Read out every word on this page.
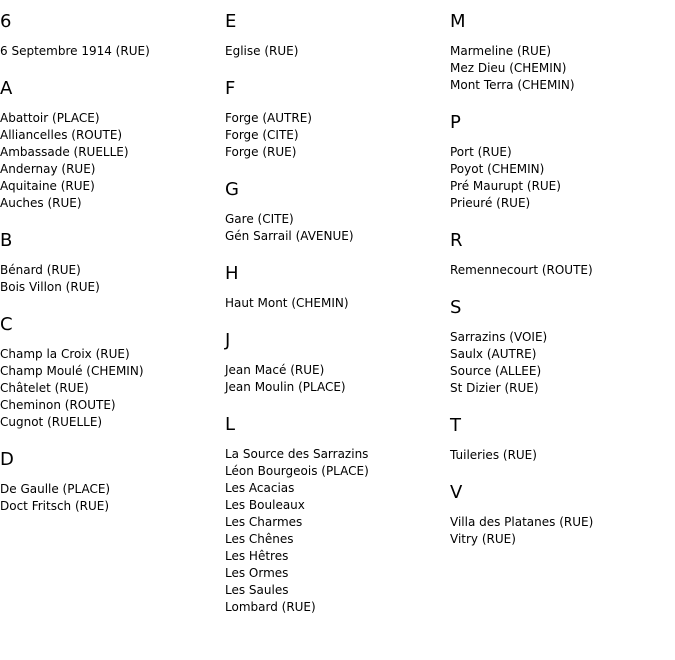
6
6 Septembre 1914 (RUE)
A
Abattoir (PLACE)
Alliancelles (ROUTE)
Ambassade (RUELLE)
Andernay (RUE)
Aquitaine (RUE)
Auches (RUE)
B
Bénard (RUE)
Bois Villon (RUE)
C
Champ la Croix (RUE)
Champ Moulé (CHEMIN)
Châtelet (RUE)
Cheminon (ROUTE)
Cugnot (RUELLE)
D
De Gaulle (PLACE)
Doct Fritsch (RUE)
E
Eglise (RUE)
F
Forge (AUTRE)
Forge (CITE)
Forge (RUE)
G
Gare (CITE)
Gén Sarrail (AVENUE)
H
Haut Mont (CHEMIN)
J
Jean Macé (RUE)
Jean Moulin (PLACE)
L
La Source des Sarrazins
Léon Bourgeois (PLACE)
Les Acacias
Les Bouleaux
Les Charmes
Les Chênes
Les Hêtres
Les Ormes
Les Saules
Lombard (RUE)
M
Marmeline (RUE)
Mez Dieu (CHEMIN)
Mont Terra (CHEMIN)
P
Port (RUE)
Poyot (CHEMIN)
Pré Maurupt (RUE)
Prieuré (RUE)
R
Remennecourt (ROUTE)
S
Sarrazins (VOIE)
Saulx (AUTRE)
Source (ALLEE)
St Dizier (RUE)
T
Tuileries (RUE)
V
Villa des Platanes (RUE)
Vitry (RUE)
